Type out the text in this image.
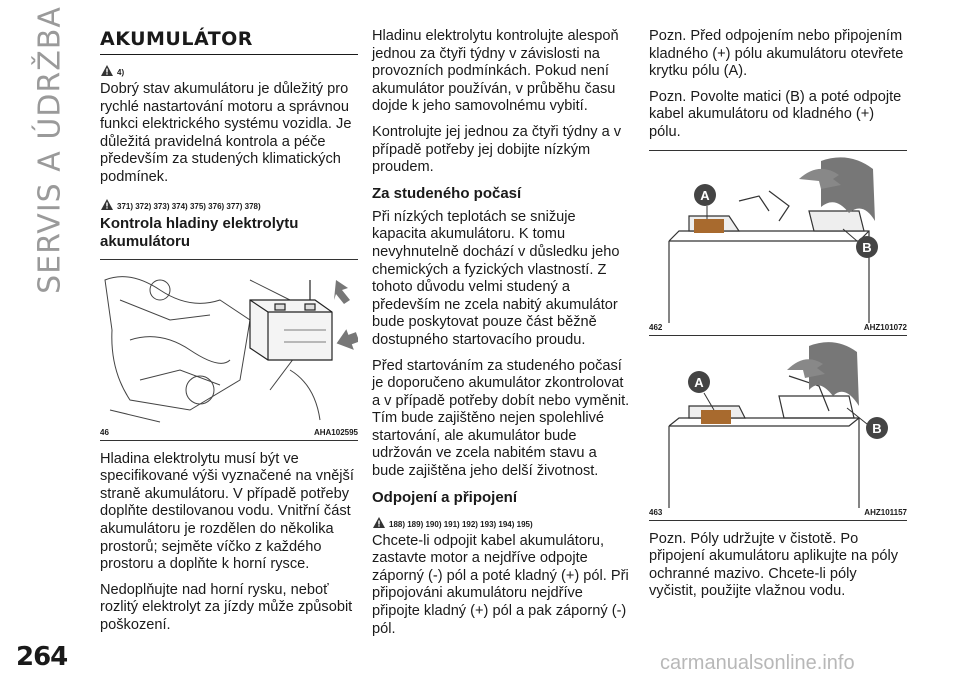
SERVIS A ÚDRŽBA AKUMULÁTOR
4)

Dobrý stav akumulátoru je důležitý pro rychlé nastartování motoru a správnou funkci elektrického systému vozidla. Je důležitá pravidelná kontrola a péče především za studených klimatických podmínek.

371) 372) 373) 374) 375) 376) 377) 378)
Kontrola hladiny elektrolytu akumulátoru
46	AHA102595

Hladina elektrolytu musí být ve specifikované výši vyznačené na vnější straně akumulátoru. V případě potřeby doplňte destilovanou vodu. Vnitřní část akumulátoru je rozdělen do několika prostorů; sejměte víčko z každého prostoru a doplňte k horní rysce.

Nedoplňujte nad horní rysku, neboť rozlitý elektrolyt za jízdy může způsobit poškození.

Hladinu elektrolytu kontrolujte alespoň jednou za čtyři týdny v závislosti na provozních podmínkách. Pokud není akumulátor používán, v průběhu času dojde k jeho samovolnému vybití.

Kontrolujte jej jednou za čtyři týdny a v případě potřeby jej dobijte nízkým proudem.

Za studeného počasí

Při nízkých teplotách se snižuje kapacita akumulátoru. K tomu nevyhnutelně dochází v důsledku jeho chemických a fyzických vlastností. Z tohoto důvodu velmi studený a především ne zcela nabitý akumulátor bude poskytovat pouze část běžně dostupného startovacího proudu.

Před startováním za studeného počasí je doporučeno akumulátor zkontrolovat a v případě potřeby dobít nebo vyměnit. Tím bude zajištěno nejen spolehlivé startování, ale akumulátor bude udržován ve zcela nabitém stavu a bude zajištěna jeho delší životnost.

Odpojení a připojení
188) 189) 190) 191) 192) 193) 194) 195)

Chcete-li odpojit kabel akumulátoru, zastavte motor a nejdříve odpojte záporný (-) pól a poté kladný (+) pól. Při připojováni akumulátoru nejdříve připojte kladný (+) pól a pak záporný (-) pól.

Pozn. Před odpojením nebo připojením kladného (+) pólu akumulátoru otevřete krytku pólu (A).

Pozn. Povolte matici (B) a poté odpojte kabel akumulátoru od kladného (+) pólu.

A
B
462	AHZ101072
A
B
463	AHZ101157

Pozn. Póly udržujte v čistotě. Po připojení akumulátoru aplikujte na póly ochranné mazivo. Chcete-li póly vyčistit, použijte vlažnou vodu.

264	carmanualsonline.info
